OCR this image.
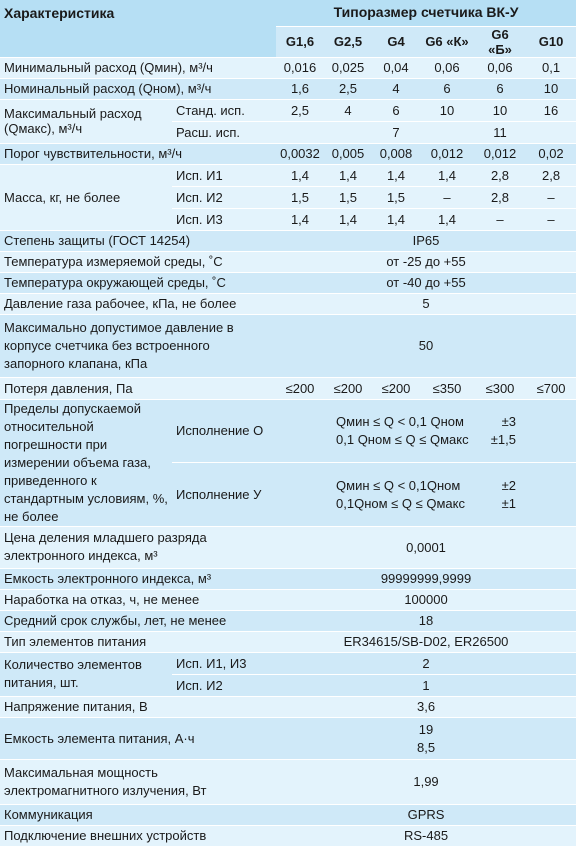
Характеристика		Типоразмер счетчика ВК-У					
		G1,6	G2,5	G4	G6 «К»	G6 «Б»	G10
Минимальный расход (Qмин), м³/ч		0,016	0,025	0,04	0,06	0,06	0,1
Номинальный расход (Qном), м³/ч		1,6	2,5	4	6	6	10
Максимальный расход (Qмакс), м³/ч	Станд. исп.	2,5	4	6	10	10	16
	Расш. исп.			7		11	
Порог чувствительности, м³/ч		0,0032	0,005	0,008	0,012	0,012	0,02
Масса, кг, не более	Исп. И1	1,4	1,4	1,4	1,4	2,8	2,8
	Исп. И2	1,5	1,5	1,5	–	2,8	–
	Исп. И3	1,4	1,4	1,4	1,4	–	–
Степень защиты (ГОСТ 14254)		IP65					
Температура измеряемой среды, ˚С		от -25 до +55					
Температура окружающей среды, ˚С		от -40 до +55					
Давление газа рабочее, кПа, не более		5					
Максимально допустимое давление в корпусе счетчика без встроенного запорного клапана, кПа		50					
Потеря давления, Па		≤200	≤200	≤200	≤350	≤300	≤700
Пределы допускаемой относительной погрешности при измерении объема газа, приведенного к стандартным условиям, %, не более	Исполнение О	Qмин ≤ Q < 0,1 Qном ±3
0,1 Qном ≤ Q ≤ Qмакс ±1,5					

	Исполнение У	Qмин ≤ Q < 0,1Qном ±2
0,1Qном ≤ Q ≤ Qмакс ±1					

Цена деления младшего разряда электронного индекса, м³		0,0001					
Емкость электронного индекса, м³		99999999,9999					
Наработка на отказ, ч, не менее		100000					
Средний срок службы, лет, не менее		18					
Тип элементов питания		ER34615/SB-D02, ER26500					
Количество элементов питания, шт.	Исп. И1, И3	2					
	Исп. И2	1					
Напряжение питания, В		3,6					
Емкость элемента питания, А·ч		19
8,5					

Максимальная мощность электромагнитного излучения, Вт		1,99					
Коммуникация		GPRS					
Подключение внешних устройств		RS-485					
